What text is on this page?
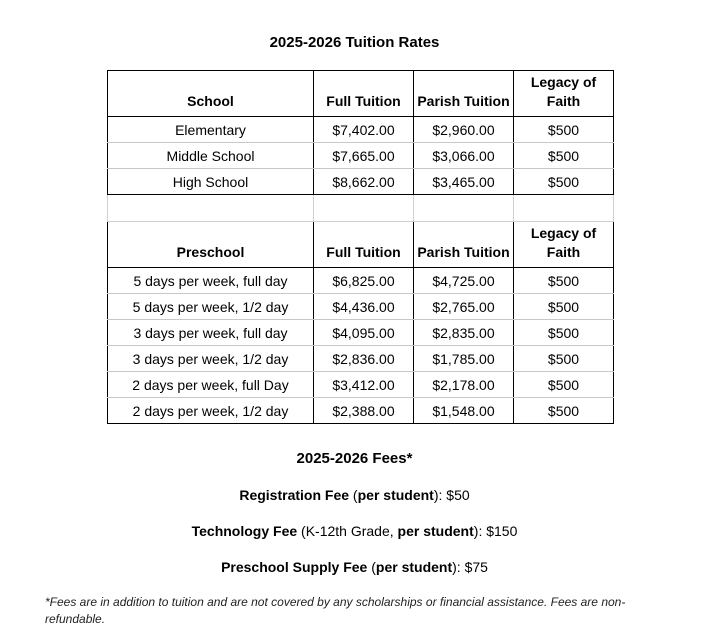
2025-2026 Tuition Rates
School	Full Tuition	Parish Tuition	Legacy of Faith
Elementary	$7,402.00	$2,960.00	$500
Middle School	$7,665.00	$3,066.00	$500
High School	$8,662.00	$3,465.00	$500

Preschool	Full Tuition	Parish Tuition	Legacy of Faith
5 days per week, full day	$6,825.00	$4,725.00	$500
5 days per week, 1/2 day	$4,436.00	$2,765.00	$500
3 days per week, full day	$4,095.00	$2,835.00	$500
3 days per week, 1/2 day	$2,836.00	$1,785.00	$500
2 days per week, full Day	$3,412.00	$2,178.00	$500
2 days per week, 1/2 day	$2,388.00	$1,548.00	$500
2025-2026 Fees*
Registration Fee (per student): $50
Technology Fee (K-12th Grade, per student): $150
Preschool Supply Fee (per student): $75
*Fees are in addition to tuition and are not covered by any scholarships or financial assistance. Fees are non-refundable.
